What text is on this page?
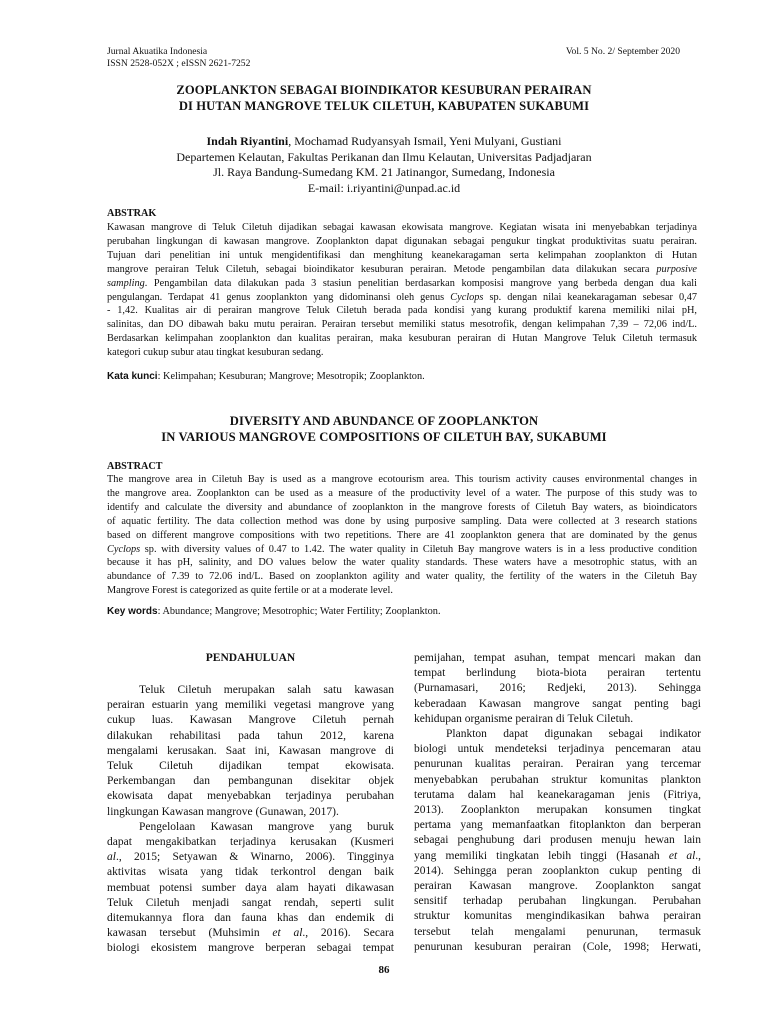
Jurnal Akuatika Indonesia
ISSN 2528-052X ; eISSN 2621-7252
Vol. 5 No. 2/ September 2020
ZOOPLANKTON SEBAGAI BIOINDIKATOR KESUBURAN PERAIRAN
DI HUTAN MANGROVE TELUK CILETUH, KABUPATEN SUKABUMI
Indah Riyantini, Mochamad Rudyansyah Ismail, Yeni Mulyani, Gustiani
Departemen Kelautan, Fakultas Perikanan dan Ilmu Kelautan, Universitas Padjadjaran
Jl. Raya Bandung-Sumedang KM. 21 Jatinangor, Sumedang, Indonesia
E-mail: i.riyantini@unpad.ac.id
ABSTRAK

Kawasan mangrove di Teluk Ciletuh dijadikan sebagai kawasan ekowisata mangrove. Kegiatan wisata ini menyebabkan terjadinya

perubahan lingkungan di kawasan mangrove. Zooplankton dapat digunakan sebagai pengukur tingkat produktivitas suatu perairan.

Tujuan dari penelitian ini untuk mengidentifikasi dan menghitung keanekaragaman serta kelimpahan zooplankton di Hutan

mangrove perairan Teluk Ciletuh, sebagai bioindikator kesuburan perairan. Metode pengambilan data dilakukan secara purposive

sampling. Pengambilan data dilakukan pada 3 stasiun penelitian berdasarkan komposisi mangrove yang berbeda dengan dua kali

pengulangan. Terdapat 41 genus zooplankton yang didominansi oleh genus Cyclops sp. dengan nilai keanekaragaman sebesar 0,47

- 1,42. Kualitas air di perairan mangrove Teluk Ciletuh berada pada kondisi yang kurang produktif karena memiliki nilai pH,

salinitas, dan DO dibawah baku mutu perairan. Perairan tersebut memiliki status mesotrofik, dengan kelimpahan 7,39 – 72,06 ind/L.

Berdasarkan kelimpahan zooplankton dan kualitas perairan, maka kesuburan perairan di Hutan Mangrove Teluk Ciletuh termasuk

kategori cukup subur atau tingkat kesuburan sedang.

Kata kunci: Kelimpahan; Kesuburan; Mangrove; Mesotropik; Zooplankton.
DIVERSITY AND ABUNDANCE OF ZOOPLANKTON
IN VARIOUS MANGROVE COMPOSITIONS OF CILETUH BAY, SUKABUMI
ABSTRACT

The mangrove area in Ciletuh Bay is used as a mangrove ecotourism area. This tourism activity causes environmental changes in

the mangrove area. Zooplankton can be used as a measure of the productivity level of a water. The purpose of this study was to

identify and calculate the diversity and abundance of zooplankton in the mangrove forests of Ciletuh Bay waters, as bioindicators

of aquatic fertility. The data collection method was done by using purposive sampling. Data were collected at 3 research stations

based on different mangrove compositions with two repetitions. There are 41 zooplankton genera that are dominated by the genus

Cyclops sp. with diversity values of 0.47 to 1.42. The water quality in Ciletuh Bay mangrove waters is in a less productive condition

because it has pH, salinity, and DO values below the water quality standards. These waters have a mesotrophic status, with an

abundance of 7.39 to 72.06 ind/L. Based on zooplankton agility and water quality, the fertility of the waters in the Ciletuh Bay

Mangrove Forest is categorized as quite fertile or at a moderate level.

Key words: Abundance; Mangrove; Mesotrophic; Water Fertility; Zooplankton.
PENDAHULUAN

Teluk Ciletuh merupakan salah satu kawasan

perairan estuarin yang memiliki vegetasi mangrove yang

cukup luas. Kawasan Mangrove Ciletuh pernah

dilakukan rehabilitasi pada tahun 2012, karena

mengalami kerusakan. Saat ini, Kawasan mangrove di

Teluk Ciletuh dijadikan tempat ekowisata.

Perkembangan dan pembangunan disekitar objek

ekowisata dapat menyebabkan terjadinya perubahan

lingkungan Kawasan mangrove (Gunawan, 2017).

Pengelolaan Kawasan mangrove yang buruk

dapat mengakibatkan terjadinya kerusakan (Kusmeri

al., 2015; Setyawan & Winarno, 2006). Tingginya

aktivitas wisata yang tidak terkontrol dengan baik

membuat potensi sumber daya alam hayati dikawasan

Teluk Ciletuh menjadi sangat rendah, seperti sulit

ditemukannya flora dan fauna khas dan endemik di

kawasan tersebut (Muhsimin et al., 2016). Secara

biologi ekosistem mangrove berperan sebagai tempat

pemijahan, tempat asuhan, tempat mencari makan dan

tempat berlindung biota-biota perairan tertentu

(Purnamasari, 2016; Redjeki, 2013). Sehingga

keberadaan Kawasan mangrove sangat penting bagi

kehidupan organisme perairan di Teluk Ciletuh.

Plankton dapat digunakan sebagai indikator

biologi untuk mendeteksi terjadinya pencemaran atau

penurunan kualitas perairan. Perairan yang tercemar

menyebabkan perubahan struktur komunitas plankton

terutama dalam hal keanekaragaman jenis (Fitriya,

2013). Zooplankton merupakan konsumen tingkat

pertama yang memanfaatkan fitoplankton dan berperan

sebagai penghubung dari produsen menuju hewan lain

yang memiliki tingkatan lebih tinggi (Hasanah et al.,

2014). Sehingga peran zooplankton cukup penting di

perairan Kawasan mangrove. Zooplankton sangat

sensitif terhadap perubahan lingkungan. Perubahan

struktur komunitas mengindikasikan bahwa perairan

tersebut telah mengalami penurunan, termasuk

penurunan kesuburan perairan (Cole, 1998; Herwati,

86
